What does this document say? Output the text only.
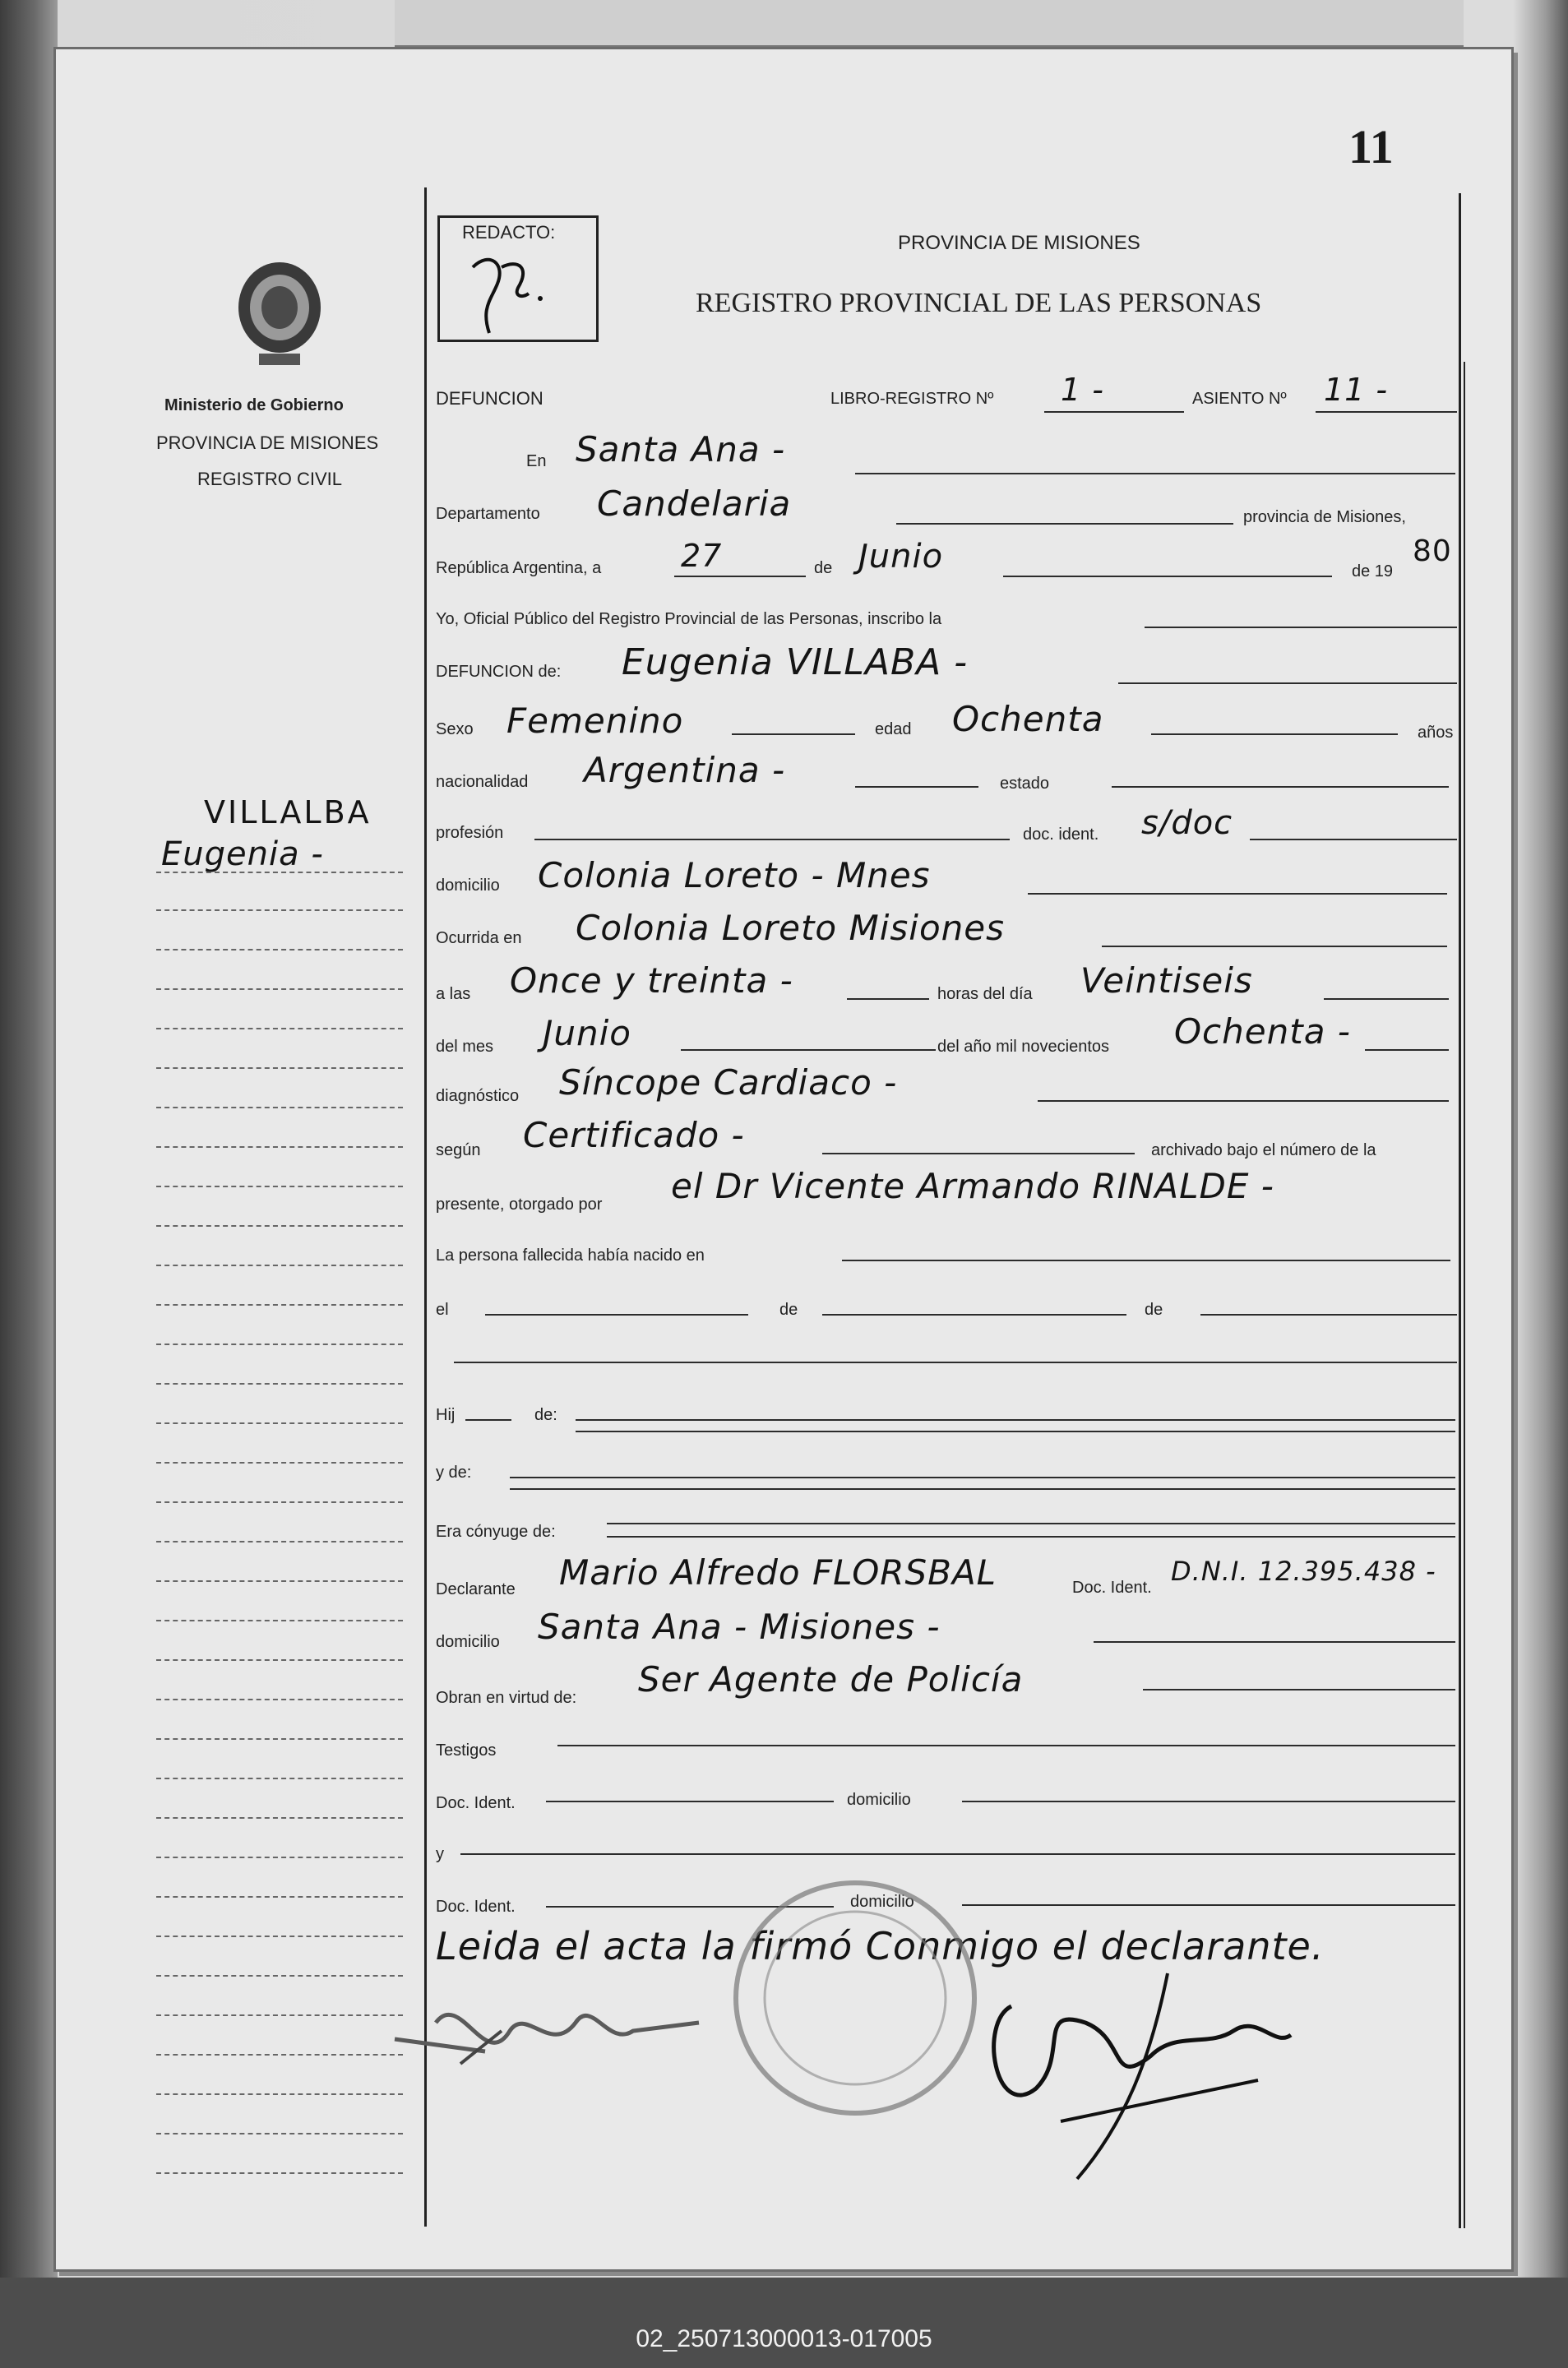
11
Ministerio de Gobierno
PROVINCIA DE MISIONES
REGISTRO CIVIL
VILLALBA
Eugenia -
REDACTO:	PROVINCIA DE MISIONES
REGISTRO PROVINCIAL DE LAS PERSONAS
DEFUNCION	LIBRO-REGISTRO Nº 1 -	ASIENTO Nº 11 -
En Santa Ana -
Departamento Candelaria	provincia de Misiones,
República Argentina, a	27	de Junio	de 19
80
Yo, Oficial Público del Registro Provincial de las Personas, inscribo la
DEFUNCION de: Eugenia VILLABA -
Sexo Femenino	edad Ochenta	años
nacionalidad Argentina -	estado
profesión	doc. ident. s/doc
domicilio Colonia Loreto - Mnes
Ocurrida en Colonia Loreto Misiones
a las Once y treinta -	horas del día Veintiseis
del mes Junio	del año mil novecientos Ochenta -
diagnóstico Síncope Cardiaco -
según Certificado -	archivado bajo el número de la
presente, otorgado por el Dr Vicente Armando RINALDE -
La persona fallecida había nacido en
el	de	de
Hij	de:
y de:
Era cónyuge de:
Declarante Mario Alfredo FLORSBAL	Doc. Ident.
D.N.I. 12.395.438 -
domicilio Santa Ana - Misiones -
Obran en virtud de: Ser Agente de Policía
Testigos
Doc. Ident.	domicilio
y
Doc. Ident.	domicilio
Leida el acta la firmó Conmigo el declarante.
02_250713000013-017005
